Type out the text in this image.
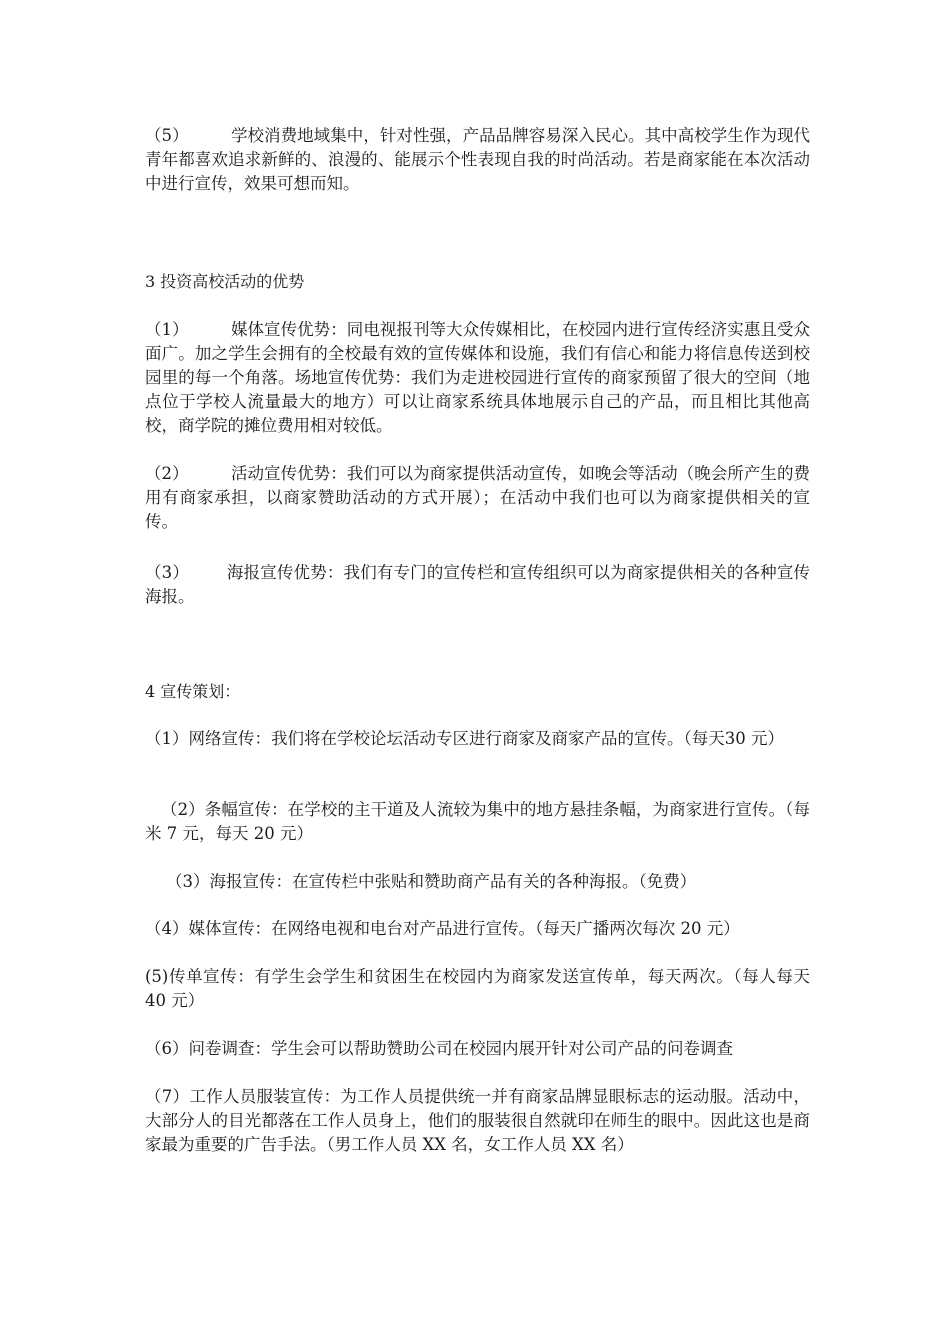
（5）        学校消费地域集中，针对性强，产品品牌容易深入民心。其中高校学生作为现代青年都喜欢追求新鲜的、浪漫的、能展示个性表现自我的时尚活动。若是商家能在本次活动中进行宣传，效果可想而知。

3 投资高校活动的优势

（1）        媒体宣传优势：同电视报刊等大众传媒相比，在校园内进行宣传经济实惠且受众面广。加之学生会拥有的全校最有效的宣传媒体和设施，我们有信心和能力将信息传送到校园里的每一个角落。场地宣传优势：我们为走进校园进行宣传的商家预留了很大的空间（地点位于学校人流量最大的地方）可以让商家系统具体地展示自己的产品，而且相比其他高校，商学院的摊位费用相对较低。

（2）        活动宣传优势：我们可以为商家提供活动宣传，如晚会等活动（晚会所产生的费用有商家承担，以商家赞助活动的方式开展）；在活动中我们也可以为商家提供相关的宣传。

（3）       海报宣传优势：我们有专门的宣传栏和宣传组织可以为商家提供相关的各种宣传海报。

4 宣传策划：

（1）网络宣传：我们将在学校论坛活动专区进行商家及商家产品的宣传。（每天30 元）

（2）条幅宣传：在学校的主干道及人流较为集中的地方悬挂条幅，为商家进行宣传。（每米 7 元，每天 20 元）

（3）海报宣传：在宣传栏中张贴和赞助商产品有关的各种海报。（免费）

（4）媒体宣传：在网络电视和电台对产品进行宣传。（每天广播两次每次 20 元）

(5)传单宣传：有学生会学生和贫困生在校园内为商家发送宣传单，每天两次。（每人每天 40 元）

（6）问卷调查：学生会可以帮助赞助公司在校园内展开针对公司产品的问卷调查

（7）工作人员服装宣传：为工作人员提供统一并有商家品牌显眼标志的运动服。活动中，大部分人的目光都落在工作人员身上，他们的服装很自然就印在师生的眼中。因此这也是商家最为重要的广告手法。（男工作人员 XX 名，女工作人员 XX 名）
